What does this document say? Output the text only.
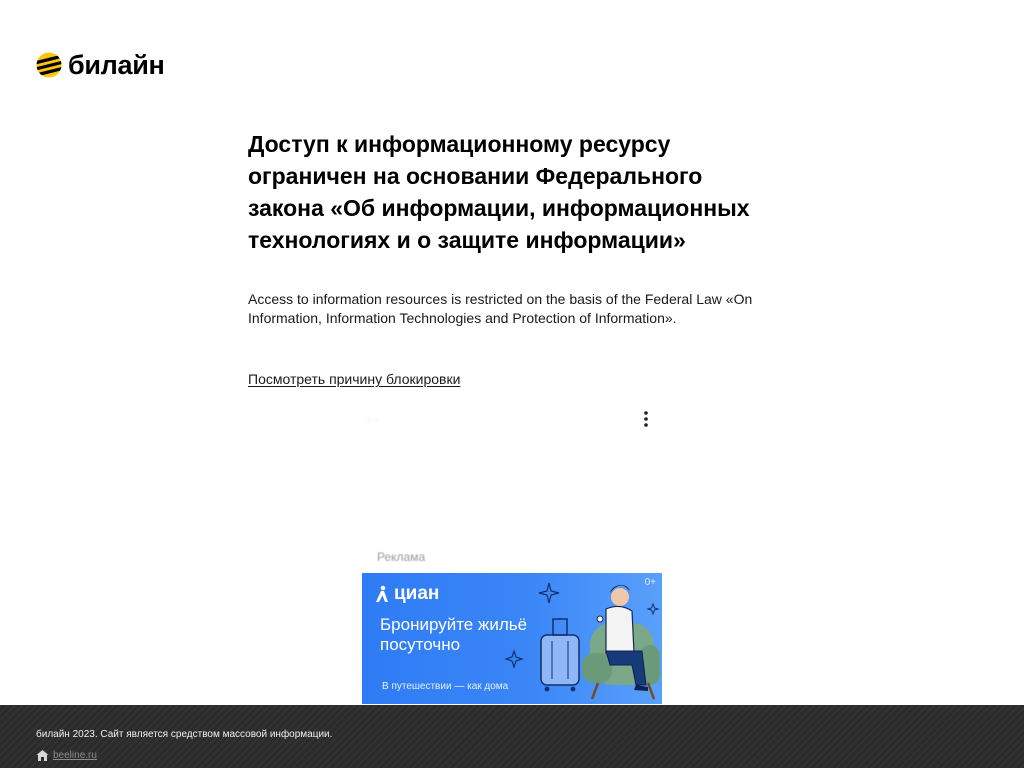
билайн
Доступ к информационному ресурсу ограничен на основании Федерального закона «Об информации, информационных технологиях и о защите информации»

Access to information resources is restricted on the basis of the Federal Law «On Information, Information Technologies and Protection of Information».

Посмотреть причину блокировки
· ·
Реклама
циан
0+
Бронируйте жильё посуточно
В путешествии — как дома
билайн 2023. Сайт является средством массовой информации.
beeline.ru
